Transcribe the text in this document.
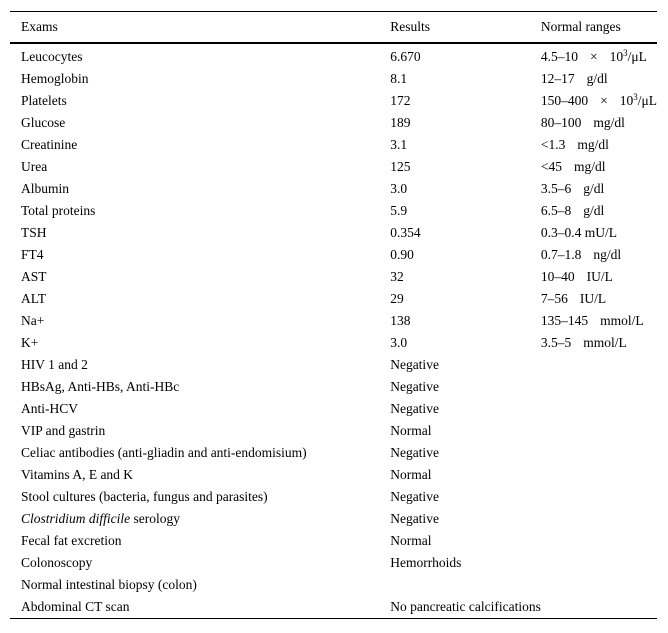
Exams	Results	Normal ranges
Leucocytes	6.670	$4.5-10 \times 10^3/\mu L$
Hemoglobin	8.1	12–17 g/dl
Platelets	172	$150-400 \times 10^3/\mu L$
Glucose	189	80–100 mg/dl
Creatinine	3.1	<1.3 mg/dl
Urea	125	<45 mg/dl
Albumin	3.0	3.5–6 g/dl
Total proteins	5.9	6.5–8 g/dl
TSH	0.354	0.3–0.4 mU/L
FT4	0.90	0.7–1.8 ng/dl
AST	32	10–40 IU/L
ALT	29	7–56 IU/L
Na+	138	135–145 mmol/L
K+	3.0	3.5–5 mmol/L
HIV 1 and 2	Negative	
HBsAg, Anti-HBs, Anti-HBc	Negative	
Anti-HCV	Negative	
VIP and gastrin	Normal	
Celiac antibodies (anti-gliadin and anti-endomisium)	Negative	
Vitamins A, E and K	Normal	
Stool cultures (bacteria, fungus and parasites)	Negative	
Clostridium difficile serology	Negative	
Fecal fat excretion	Normal	
Colonoscopy	Hemorrhoids	
Normal intestinal biopsy (colon)		
Abdominal CT scan	No pancreatic calcifications	
